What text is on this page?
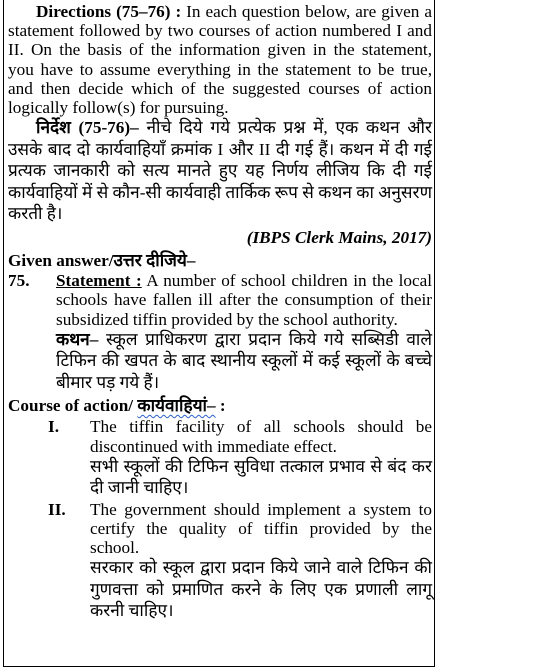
Directions (75–76) : In each question below, are given a statement followed by two courses of action numbered I and II. On the basis of the information given in the statement, you have to assume everything in the statement to be true, and then decide which of the suggested courses of action logically follow(s) for pursuing.
निर्देश (75-76)– नीचे दिये गये प्रत्येक प्रश्न में, एक कथन और उसके बाद दो कार्यवाहियाँ क्रमांक I और II दी गई हैं। कथन में दी गई प्रत्यक जानकारी को सत्य मानते हुए यह निर्णय लीजिय कि दी गई कार्यवाहियों में से कौन-सी कार्यवाही तार्किक रूप से कथन का अनुसरण करती है।
(IBPS Clerk Mains, 2017)
Given answer/उत्तर दीजिये–
75.	Statement : A number of school children in the local schools have fallen ill after the consumption of their subsidized tiffin provided by the school authority.
कथन– स्कूल प्राधिकरण द्वारा प्रदान किये गये सब्सिडी वाले टिफिन की खपत के बाद स्थानीय स्कूलों में कई स्कूलों के बच्चे बीमार पड़ गये हैं।
Course of action/ कार्यवाहियां– :
I.	The tiffin facility of all schools should be discontinued with immediate effect.
सभी स्कूलों की टिफिन सुविधा तत्काल प्रभाव से बंद कर दी जानी चाहिए।
II.	The government should implement a system to certify the quality of tiffin provided by the school.
सरकार को स्कूल द्वारा प्रदान किये जाने वाले टिफिन की गुणवत्ता को प्रमाणित करने के लिए एक प्रणाली लागू करनी चाहिए।
